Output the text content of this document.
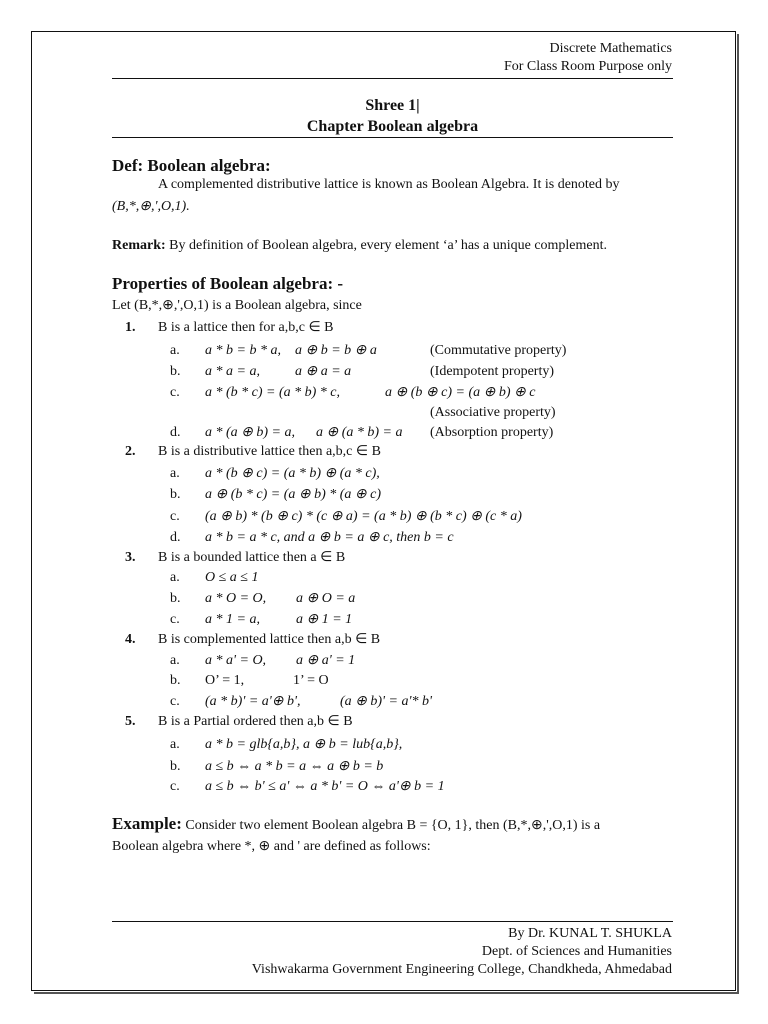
Discrete Mathematics
For Class Room Purpose only
Shree 1|
Chapter Boolean algebra
Def: Boolean algebra:
A complemented distributive lattice is known as Boolean Algebra. It is denoted by
(B,*,⊕,',O,1).
Remark: By definition of Boolean algebra, every element ‘a’ has a unique complement.
Properties of Boolean algebra: -
Let (B,*,⊕,',O,1) is a Boolean algebra, since
1. B is a lattice then for a,b,c ∈ B
a. a * b = b * a, a ⊕ b = b ⊕ a	(Commutative property)
b. a * a = a,	a ⊕ a = a	(Idempotent property)
c. a * (b * c) = (a * b) * c,	a ⊕ (b ⊕ c) = (a ⊕ b) ⊕ c
(Associative property)
d. a * (a ⊕ b) = a, a ⊕ (a * b) = a (Absorption property)
2. B is a distributive lattice then a,b,c ∈ B
a. a * (b ⊕ c) = (a * b) ⊕ (a * c),
b. a ⊕ (b * c) = (a ⊕ b) * (a ⊕ c)
c. (a ⊕ b) * (b ⊕ c) * (c ⊕ a) = (a * b) ⊕ (b * c) ⊕ (c * a)
d. a * b = a * c, and a ⊕ b = a ⊕ c, then b = c
3. B is a bounded lattice then a ∈ B
a. O ≤ a ≤ 1
b. a * O = O, a ⊕ O = a
c. a * 1 = a,	a ⊕ 1 = 1
4. B is complemented lattice then a,b ∈ B
a. a * a' = O, a ⊕ a' = 1
b. O’ = 1,	1’ = O
c. (a * b)' = a'⊕ b',	(a ⊕ b)' = a'* b'
5. B is a Partial ordered then a,b ∈ B
a. a * b = glb{a,b}, a ⊕ b = lub{a,b},
b. a ≤ b ⇔ a * b = a ⇔ a ⊕ b = b
c. a ≤ b ⇔ b' ≤ a' ⇔ a * b' = O ⇔ a'⊕ b = 1
Example: Consider two element Boolean algebra B = {O, 1}, then (B,*,⊕,',O,1) is a
Boolean algebra where *, ⊕ and ' are defined as follows:
By Dr. KUNAL T. SHUKLA
Dept. of Sciences and Humanities
Vishwakarma Government Engineering College, Chandkheda, Ahmedabad
